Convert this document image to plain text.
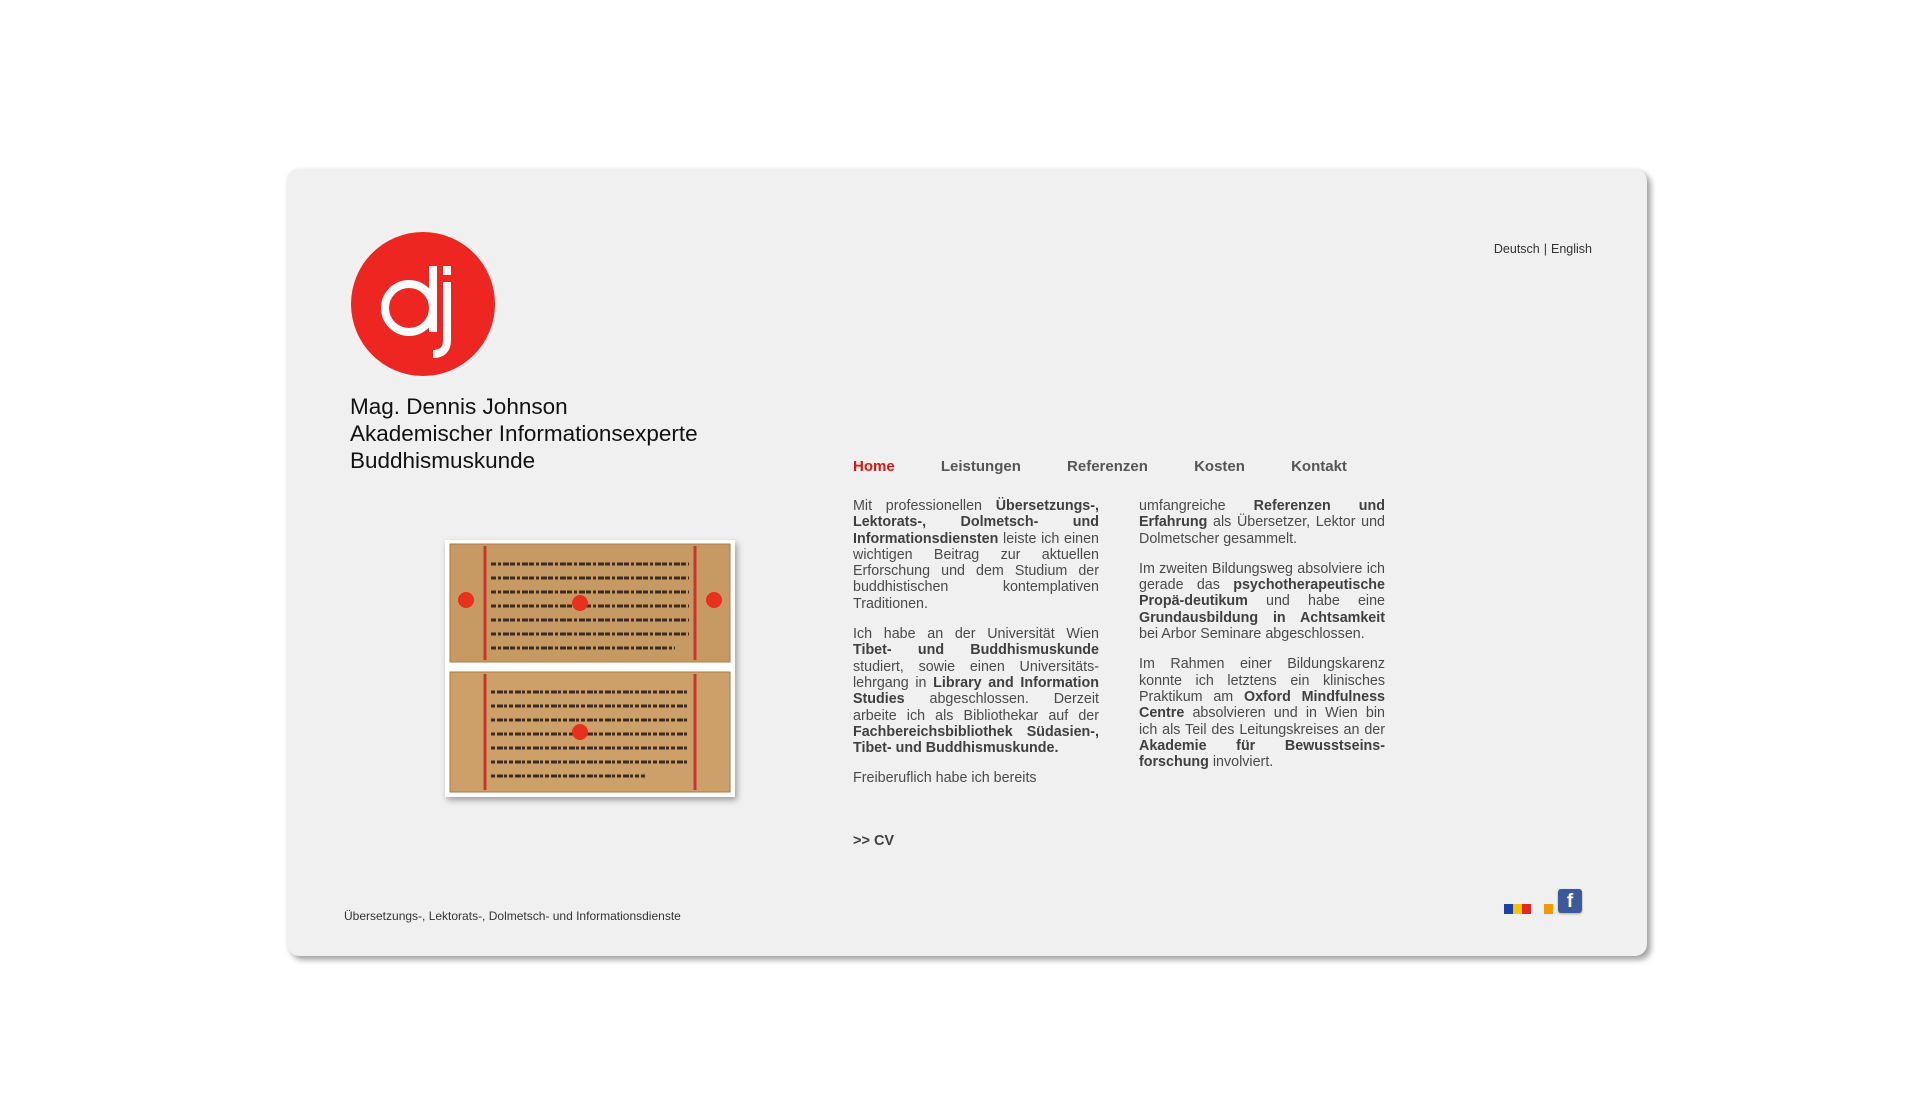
Mag. Dennis Johnson
Akademischer Informationsexperte
Buddhismuskunde
Deutsch | English
Home	Leistungen	Referenzen	Kosten	Kontakt

Mit professionellen Übersetzungs-, Lektorats-, Dolmetsch- und Informationsdiensten leiste ich einen wichtigen Beitrag zur aktuellen Erforschung und dem Studium der buddhistischen kontemplativen Traditionen.

Ich habe an der Universität Wien Tibet- und Buddhismuskunde studiert, sowie einen Universitäts-lehrgang in Library and Information Studies abgeschlossen. Derzeit arbeite ich als Bibliothekar auf der Fachbereichsbibliothek Südasien-, Tibet- und Buddhismuskunde.

Freiberuflich habe ich bereits

umfangreiche Referenzen und Erfahrung als Übersetzer, Lektor und Dolmetscher gesammelt.

Im zweiten Bildungsweg absolviere ich gerade das psychotherapeutische Propä-deutikum und habe eine Grundausbildung in Achtsamkeit bei Arbor Seminare abgeschlossen.

Im Rahmen einer Bildungskarenz konnte ich letztens ein klinisches Praktikum am Oxford Mindfulness Centre absolvieren und in Wien bin ich als Teil des Leitungskreises an der Akademie für Bewusstseins-forschung involviert.

>> CV
Übersetzungs-, Lektorats-, Dolmetsch- und Informationsdienste
f
